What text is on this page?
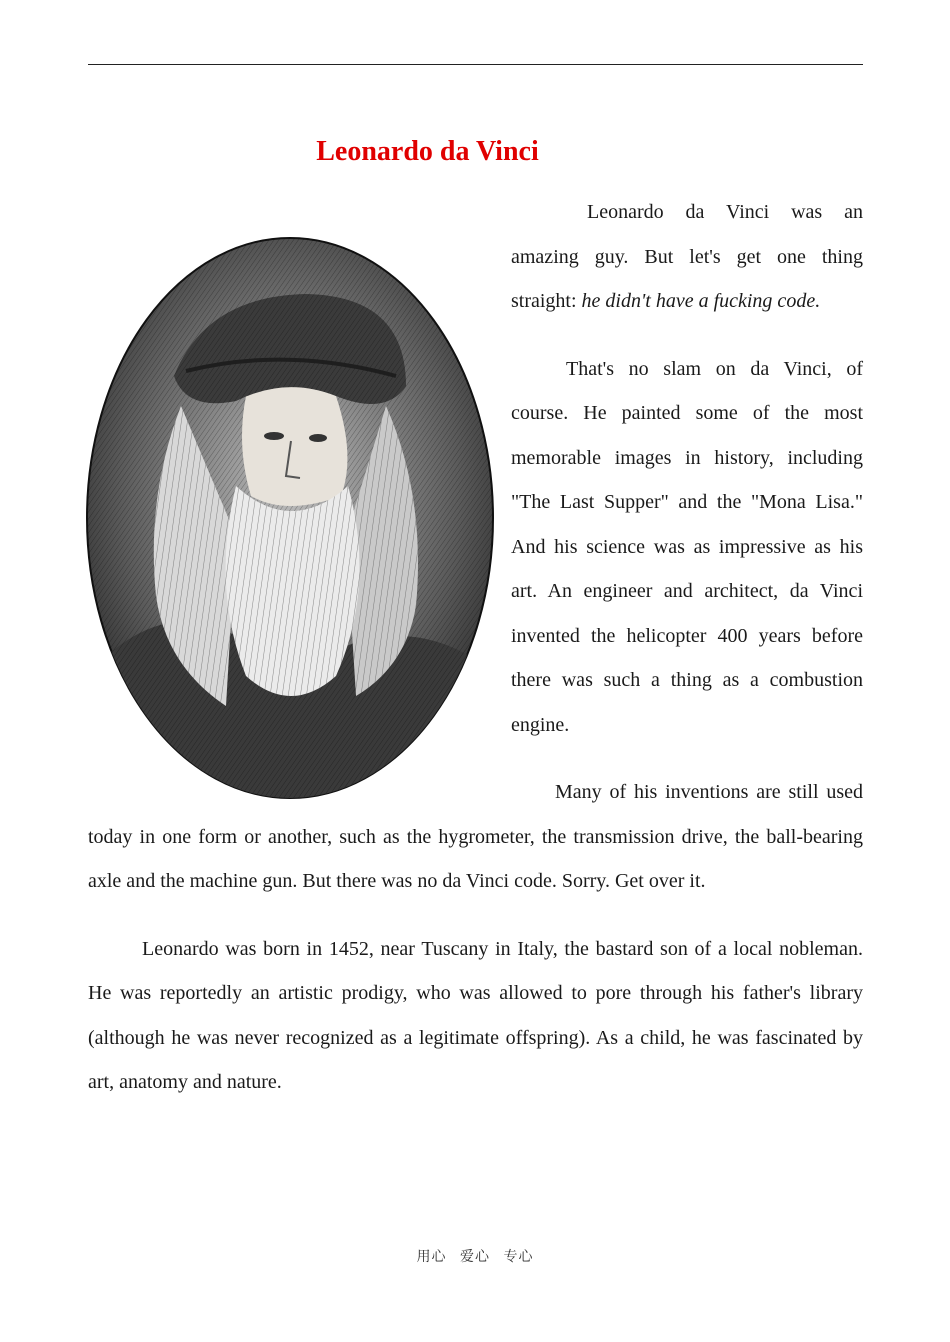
Leonardo da Vinci

Leonardo da Vinci was an amazing guy. But let's get one thing straight: he didn't have a fucking code.

That's no slam on da Vinci, of course. He painted some of the most memorable images in history, including "The Last Supper" and the "Mona Lisa." And his science was as impressive as his art. An engineer and architect, da Vinci invented the helicopter 400 years before there was such a thing as a combustion engine.

Many of his inventions are still used today in one form or another, such as the hygrometer, the transmission drive, the ball-bearing axle and the machine gun. But there was no da Vinci code. Sorry. Get over it.

Leonardo was born in 1452, near Tuscany in Italy, the bastard son of a local nobleman. He was reportedly an artistic prodigy, who was allowed to pore through his father's library (although he was never recognized as a legitimate offspring). As a child, he was fascinated by art, anatomy and nature.

用心 爱心 专心
